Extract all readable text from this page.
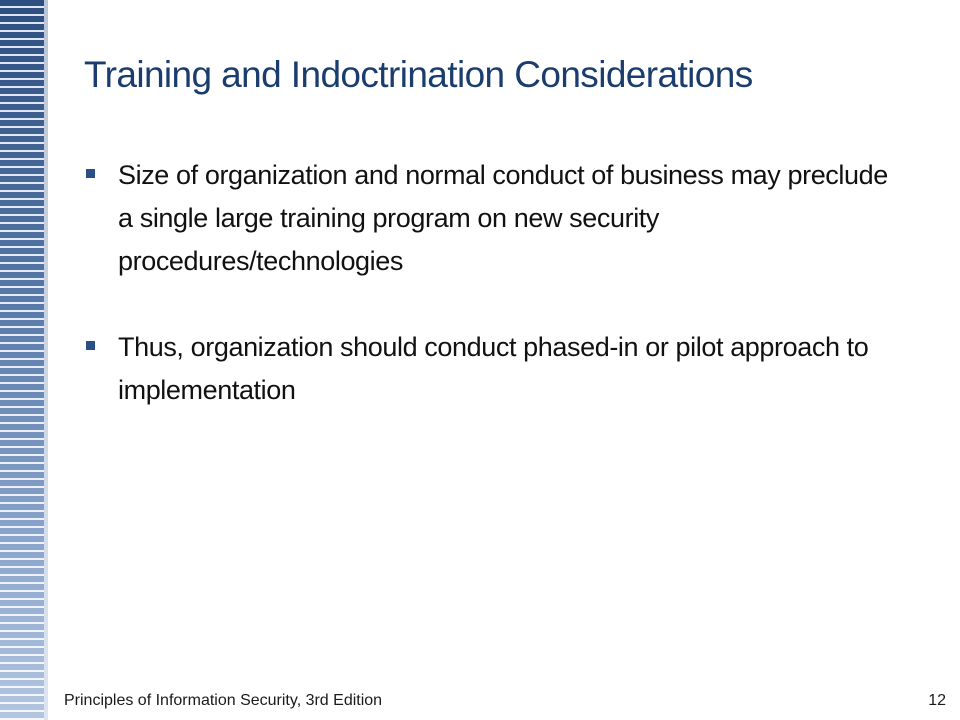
Training and Indoctrination Considerations
Size of organization and normal conduct of business may preclude a single large training program on new security procedures/technologies
Thus, organization should conduct phased-in or pilot approach to implementation
Principles of Information Security, 3rd Edition	12
